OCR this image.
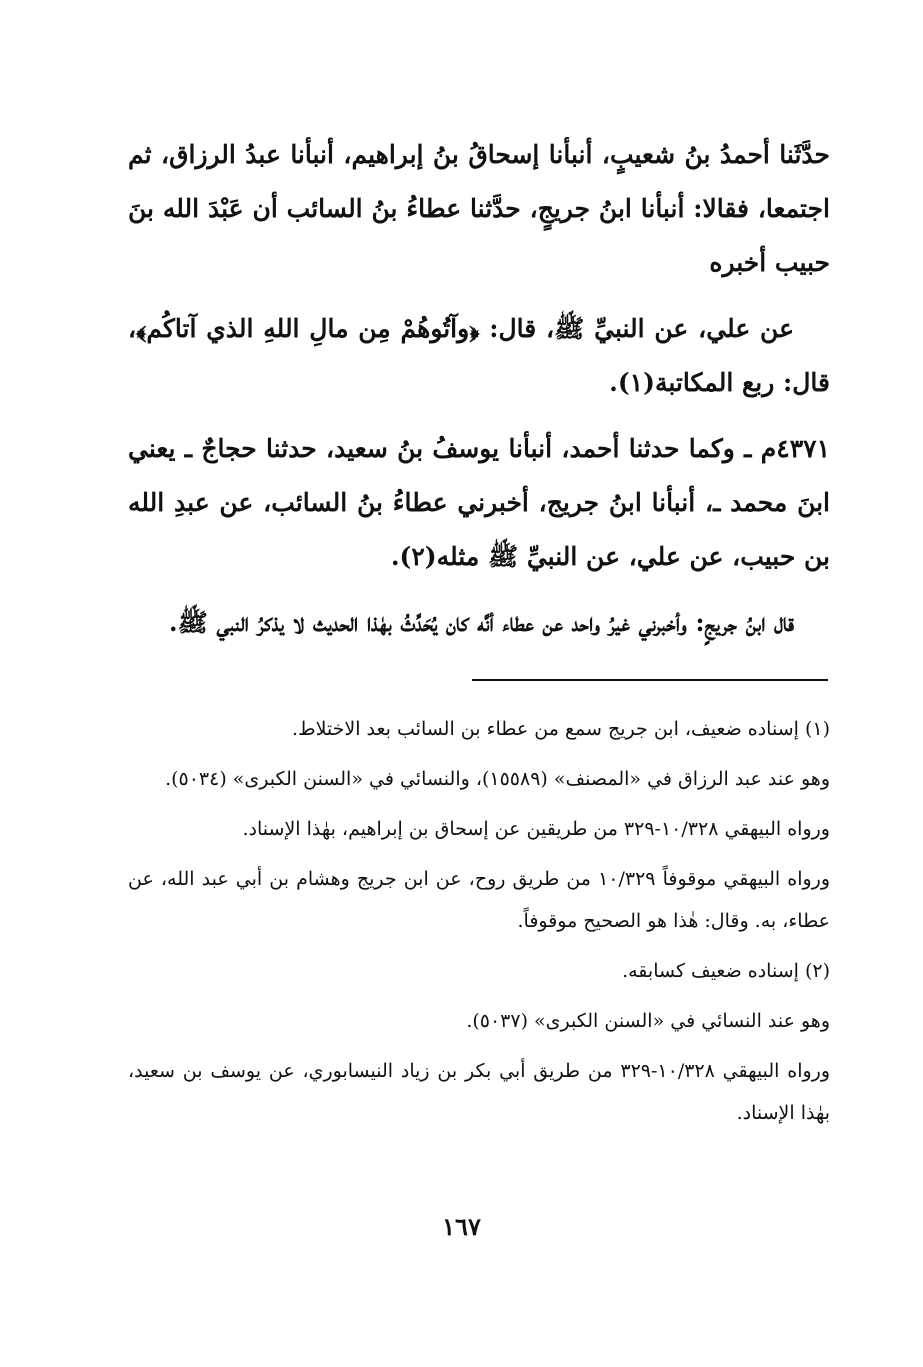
حدَّثَنا أحمدُ بنُ شعيبٍ، أنبأنا إسحاقُ بنُ إبراهيم، أنبأنا عبدُ الرزاق، ثم اجتمعا، فقالا: أنبأنا ابنُ جريجٍ، حدَّثنا عطاءُ بنُ السائب أن عَبْدَ الله بنَ حبيب أخبره

عن علي، عن النبيِّ ﷺ، قال: ﴿وآتُوهُمْ مِن مالِ اللهِ الذي آتاكُم﴾، قال: ربع المكاتبة(١).

٤٣٧١م ـ وكما حدثنا أحمد، أنبأنا يوسفُ بنُ سعيد، حدثنا حجاجٌ ـ يعني ابنَ محمد ـ، أنبأنا ابنُ جريج، أخبرني عطاءُ بنُ السائب، عن عبدِ الله بن حبيب، عن علي، عن النبيِّ ﷺ مثله(٢).

قال ابنُ جريجٍ: وأخبرني غيرُ واحد عن عطاء أنَّه كان يُحَدِّثُ بهٰذا الحديث لا يذكرُ النبي ﷺ.

(١) إسناده ضعيف، ابن جريج سمع من عطاء بن السائب بعد الاختلاط.

وهو عند عبد الرزاق في «المصنف» (١٥٥٨٩)، والنسائي في «السنن الكبرى» (٥٠٣٤).

ورواه البيهقي ١٠/٣٢٨-٣٢٩ من طريقين عن إسحاق بن إبراهيم، بهٰذا الإسناد.

ورواه البيهقي موقوفاً ١٠/٣٢٩ من طريق روح، عن ابن جريج وهشام بن أبي عبد الله، عن عطاء، به. وقال: هٰذا هو الصحيح موقوفاً.

(٢) إسناده ضعيف كسابقه.

وهو عند النسائي في «السنن الكبرى» (٥٠٣٧).

ورواه البيهقي ١٠/٣٢٨-٣٢٩ من طريق أبي بكر بن زياد النيسابوري، عن يوسف بن سعيد، بهٰذا الإسناد.

١٦٧
